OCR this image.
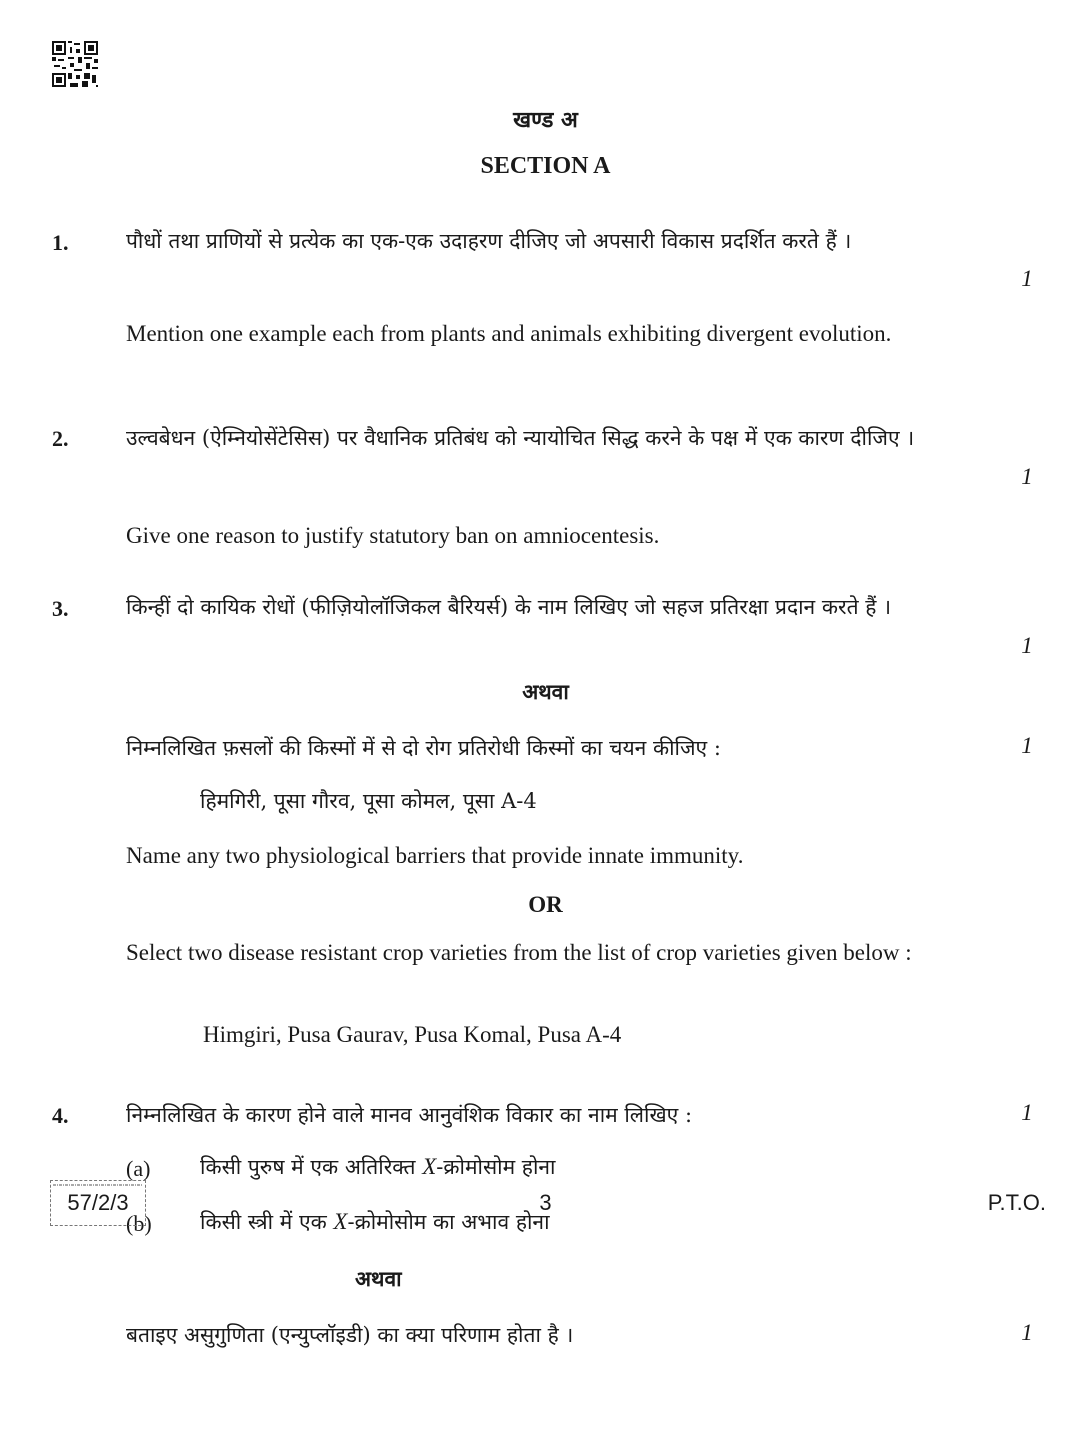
खण्ड अ
SECTION A
1.	पौधों तथा प्राणियों से प्रत्येक का एक-एक उदाहरण दीजिए जो अपसारी विकास प्रदर्शित करते हैं ।
1
Mention one example each from plants and animals exhibiting divergent evolution.
2.	उल्वबेधन (ऐम्नियोसेंटेसिस) पर वैधानिक प्रतिबंध को न्यायोचित सिद्ध करने के पक्ष में एक कारण दीजिए ।
1
Give one reason to justify statutory ban on amniocentesis.
3.	किन्हीं दो कायिक रोधों (फीज़ियोलॉजिकल बैरियर्स) के नाम लिखिए जो सहज प्रतिरक्षा प्रदान करते हैं ।
1
अथवा
निम्नलिखित फ़सलों की किस्मों में से दो रोग प्रतिरोधी किस्मों का चयन कीजिए :	1
हिमगिरी, पूसा गौरव, पूसा कोमल, पूसा A-4
Name any two physiological barriers that provide innate immunity.
OR
Select two disease resistant crop varieties from the list of crop varieties given below :
Himgiri, Pusa Gaurav, Pusa Komal, Pusa A-4
4.	निम्नलिखित के कारण होने वाले मानव आनुवंशिक विकार का नाम लिखिए :	1
(a) किसी पुरुष में एक अतिरिक्त X-क्रोमोसोम होना
(b) किसी स्त्री में एक X-क्रोमोसोम का अभाव होना
अथवा
बताइए असुगुणिता (एन्युप्लॉइडी) का क्या परिणाम होता है ।	1
57/2/3	3	P.T.O.
